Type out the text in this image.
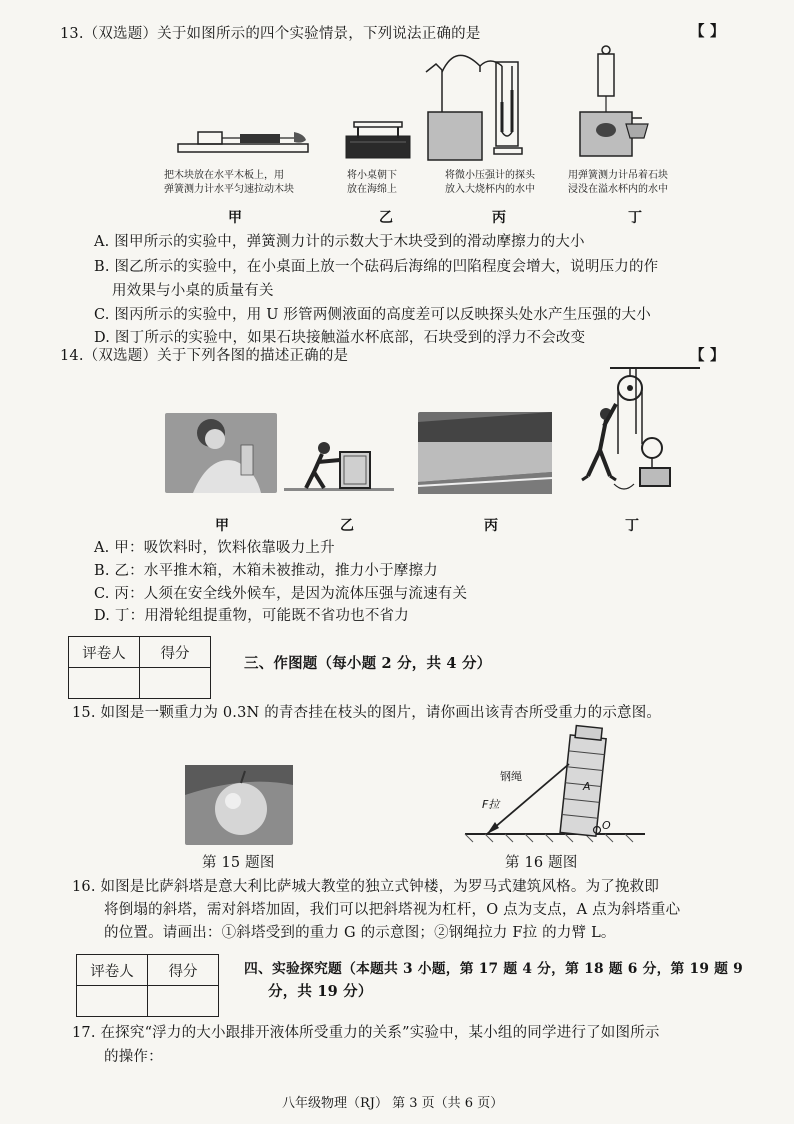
13.（双选题）关于如图所示的四个实验情景，下列说法正确的是	【 】
把木块放在水平木板上，用
弹簧测力计水平匀速拉动木块
将小桌朝下
放在海绵上
将微小压强计的探头
放入大烧杯内的水中
用弹簧测力计吊着石块
浸没在溢水杯内的水中
甲	乙	丙	丁
A. 图甲所示的实验中，弹簧测力计的示数大于木块受到的滑动摩擦力的大小
B. 图乙所示的实验中，在小桌面上放一个砝码后海绵的凹陷程度会增大，说明压力的作
用效果与小桌的质量有关
C. 图丙所示的实验中，用 U 形管两侧液面的高度差可以反映探头处水产生压强的大小
D. 图丁所示的实验中，如果石块接触溢水杯底部，石块受到的浮力不会改变
14.（双选题）关于下列各图的描述正确的是	【 】
甲	乙	丙	丁
A. 甲：吸饮料时，饮料依靠吸力上升
B. 乙：水平推木箱，木箱未被推动，推力小于摩擦力
C. 丙：人须在安全线外候车，是因为流体压强与流速有关
D. 丁：用滑轮组提重物，可能既不省功也不省力
评卷人	得分

三、作图题（每小题 2 分，共 4 分）
15. 如图是一颗重力为 0.3N 的青杏挂在枝头的图片，请你画出该青杏所受重力的示意图。
第 15 题图
钢绳
F拉
A
O
第 16 题图
16. 如图是比萨斜塔是意大利比萨城大教堂的独立式钟楼，为罗马式建筑风格。为了挽救即
将倒塌的斜塔，需对斜塔加固，我们可以把斜塔视为杠杆，O 点为支点，A 点为斜塔重心
的位置。请画出：①斜塔受到的重力 G 的示意图；②钢绳拉力 F拉 的力臂 L。
评卷人	得分
		四、实验探究题（本题共 3 小题，第 17 题 4 分，第 18 题 6 分，第 19 题 9
分，共 19 分）
17. 在探究“浮力的大小跟排开液体所受重力的关系”实验中，某小组的同学进行了如图所示
的操作：
八年级物理（RJ） 第 3 页（共 6 页）
